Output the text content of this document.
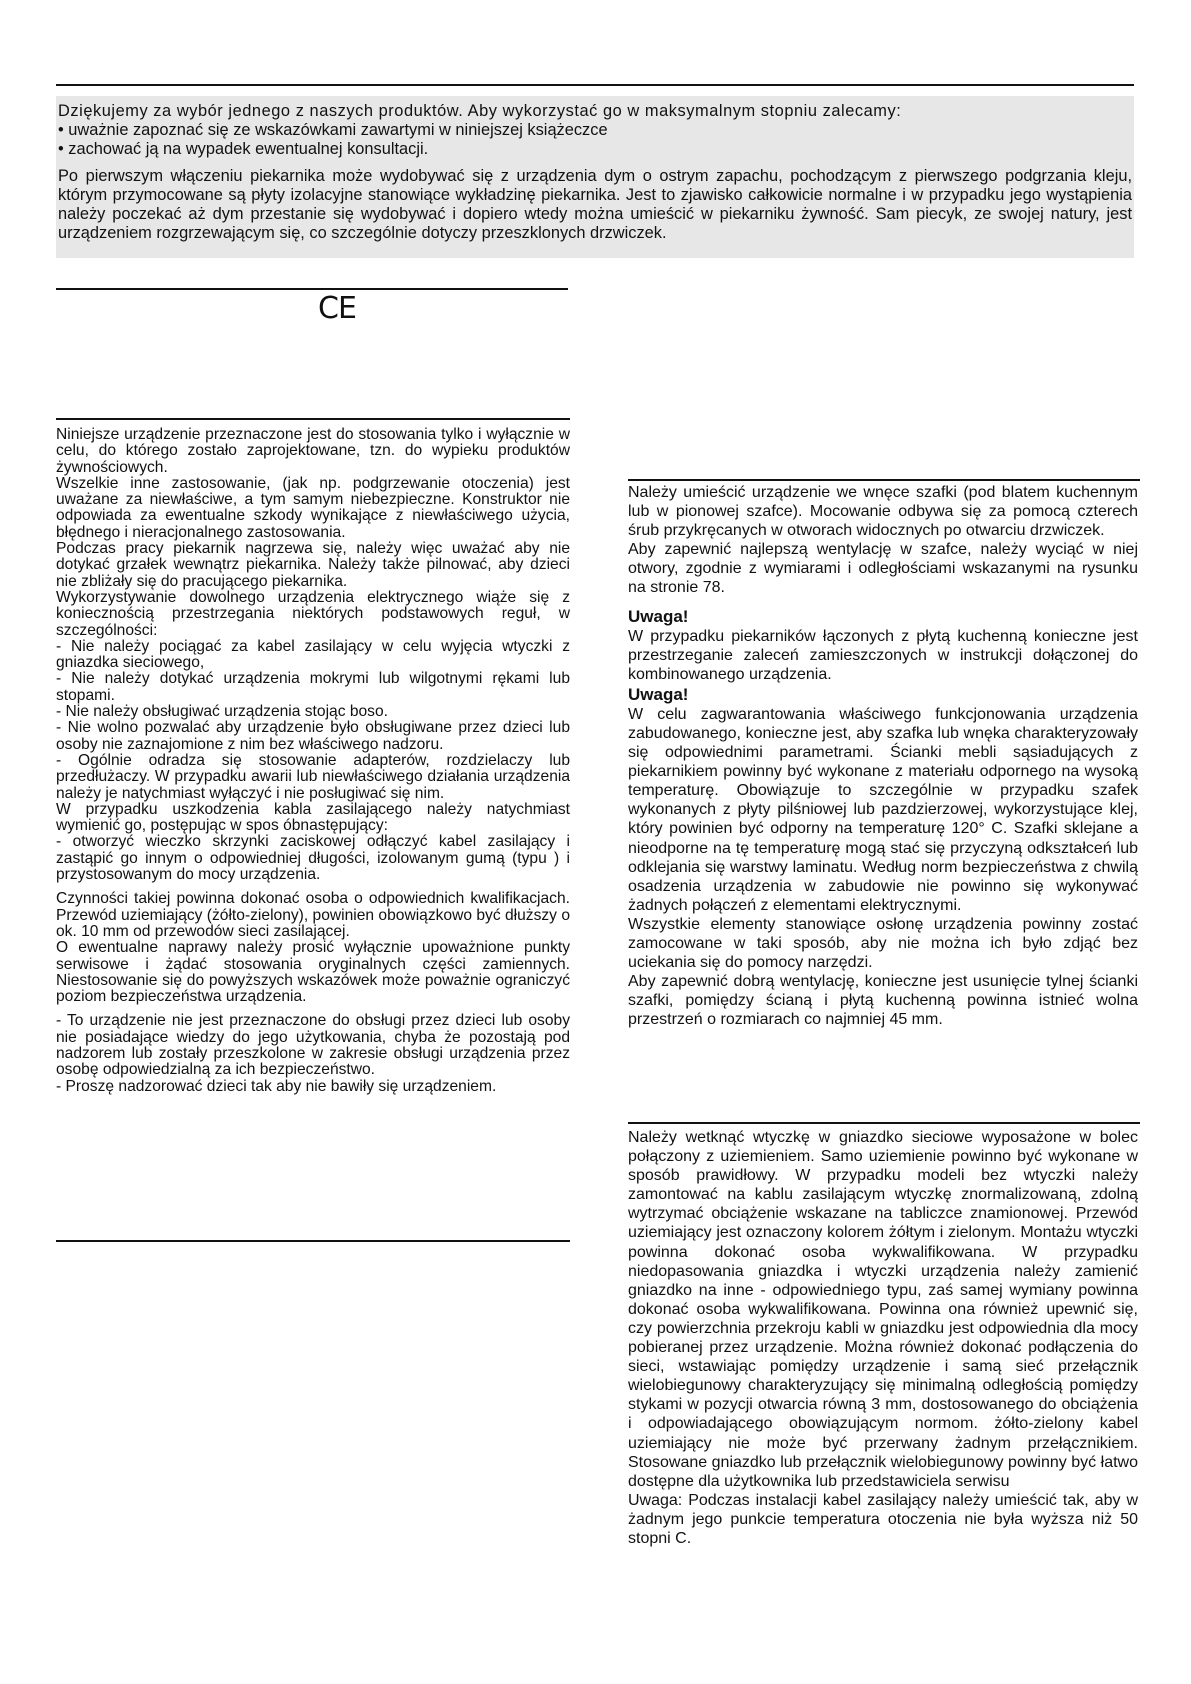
Dziękujemy za wybór jednego z naszych produktów. Aby wykorzystać go w maksymalnym stopniu zalecamy:

• uważnie zapoznać się ze wskazówkami zawartymi w niniejszej książeczce

• zachować ją na wypadek ewentualnej konsultacji.

Po pierwszym włączeniu piekarnika może wydobywać się z urządzenia dym o ostrym zapachu, pochodzącym z pierwszego podgrzania kleju, którym przymocowane są płyty izolacyjne stanowiące wykładzinę piekarnika. Jest to zjawisko całkowicie normalne i w przypadku jego wystąpienia należy poczekać aż dym przestanie się wydobywać i dopiero wtedy można umieścić w piekarniku żywność. Sam piecyk, ze swojej natury, jest urządzeniem rozgrzewającym się, co szczególnie dotyczy przeszklonych drzwiczek.

CE

Niniejsze urządzenie przeznaczone jest do stosowania tylko i wyłącznie w celu, do którego zostało zaprojektowane, tzn. do wypieku produktów żywnościowych.

Wszelkie inne zastosowanie, (jak np. podgrzewanie otoczenia) jest uważane za niewłaściwe, a tym samym niebezpieczne. Konstruktor nie odpowiada za ewentualne szkody wynikające z niewłaściwego użycia, błędnego i nieracjonalnego zastosowania.

Podczas pracy piekarnik nagrzewa się, należy więc uważać aby nie dotykać grzałek wewnątrz piekarnika. Należy także pilnować, aby dzieci nie zbliżały się do pracującego piekarnika.

Wykorzystywanie dowolnego urządzenia elektrycznego wiąże się z koniecznością przestrzegania niektórych podstawowych reguł, w szczególności:

- Nie należy pociągać za kabel zasilający w celu wyjęcia wtyczki z gniazdka sieciowego,

- Nie należy dotykać urządzenia mokrymi lub wilgotnymi rękami lub stopami.

- Nie należy obsługiwać urządzenia stojąc boso.

- Nie wolno pozwalać aby urządzenie było obsługiwane przez dzieci lub osoby nie zaznajomione z nim bez właściwego nadzoru.

- Ogólnie odradza się stosowanie adapterów, rozdzielaczy lub przedłużaczy. W przypadku awarii lub niewłaściwego działania urządzenia należy je natychmiast wyłączyć i nie posługiwać się nim.

W przypadku uszkodzenia kabla zasilającego należy natychmiast wymienić go, postępując w spos óbnastępujący:

- otworzyć wieczko skrzynki zaciskowej odłączyć kabel zasilający i zastąpić go innym o odpowiedniej długości, izolowanym gumą (typu ) i przystosowanym do mocy urządzenia.

Czynności takiej powinna dokonać osoba o odpowiednich kwalifikacjach. Przewód uziemiający (żółto-zielony), powinien obowiązkowo być dłuższy o ok. 10 mm od przewodów sieci zasilającej.

O ewentualne naprawy należy prosić wyłącznie upoważnione punkty serwisowe i żądać stosowania oryginalnych części zamiennych. Niestosowanie się do powyższych wskazówek może poważnie ograniczyć poziom bezpieczeństwa urządzenia.

- To urządzenie nie jest przeznaczone do obsługi przez dzieci lub osoby nie posiadające wiedzy do jego użytkowania, chyba że pozostają pod nadzorem lub zostały przeszkolone w zakresie obsługi urządzenia przez osobę odpowiedzialną za ich bezpieczeństwo.

- Proszę nadzorować dzieci tak aby nie bawiły się urządzeniem.

Należy umieścić urządzenie we wnęce szafki (pod blatem kuchennym lub w pionowej szafce). Mocowanie odbywa się za pomocą czterech śrub przykręcanych w otworach widocznych po otwarciu drzwiczek.

Aby zapewnić najlepszą wentylację w szafce, należy wyciąć w niej otwory, zgodnie z wymiarami i odległościami wskazanymi na rysunku na stronie 78.

Uwaga!

W przypadku piekarników łączonych z płytą kuchenną konieczne jest przestrzeganie zaleceń zamieszczonych w instrukcji dołączonej do kombinowanego urządzenia.

Uwaga!

W celu zagwarantowania właściwego funkcjonowania urządzenia zabudowanego, konieczne jest, aby szafka lub wnęka charakteryzowały się odpowiednimi parametrami. Ścianki mebli sąsiadujących z piekarnikiem powinny być wykonane z materiału odpornego na wysoką temperaturę. Obowiązuje to szczególnie w przypadku szafek wykonanych z płyty pilśniowej lub pazdzierzowej, wykorzystujące klej, który powinien być odporny na temperaturę 120° C. Szafki sklejane a nieodporne na tę temperaturę mogą stać się przyczyną odkształceń lub odklejania się warstwy laminatu. Według norm bezpieczeństwa z chwilą osadzenia urządzenia w zabudowie nie powinno się wykonywać żadnych połączeń z elementami elektrycznymi.

Wszystkie elementy stanowiące osłonę urządzenia powinny zostać zamocowane w taki sposób, aby nie można ich było zdjąć bez uciekania się do pomocy narzędzi.

Aby zapewnić dobrą wentylację, konieczne jest usunięcie tylnej ścianki szafki, pomiędzy ścianą i płytą kuchenną powinna istnieć wolna przestrzeń o rozmiarach co najmniej 45 mm.

Należy wetknąć wtyczkę w gniazdko sieciowe wyposażone w bolec połączony z uziemieniem. Samo uziemienie powinno być wykonane w sposób prawidłowy. W przypadku modeli bez wtyczki należy zamontować na kablu zasilającym wtyczkę znormalizowaną, zdolną wytrzymać obciążenie wskazane na tabliczce znamionowej. Przewód uziemiający jest oznaczony kolorem żółtym i zielonym. Montażu wtyczki powinna dokonać osoba wykwalifikowana. W przypadku niedopasowania gniazdka i wtyczki urządzenia należy zamienić gniazdko na inne - odpowiedniego typu, zaś samej wymiany powinna dokonać osoba wykwalifikowana. Powinna ona również upewnić się, czy powierzchnia przekroju kabli w gniazdku jest odpowiednia dla mocy pobieranej przez urządzenie. Można również dokonać podłączenia do sieci, wstawiając pomiędzy urządzenie i samą sieć przełącznik wielobiegunowy charakteryzujący się minimalną odległością pomiędzy stykami w pozycji otwarcia równą 3 mm, dostosowanego do obciążenia i odpowiadającego obowiązującym normom. żółto-zielony kabel uziemiający nie może być przerwany żadnym przełącznikiem. Stosowane gniazdko lub przełącznik wielobiegunowy powinny być łatwo dostępne dla użytkownika lub przedstawiciela serwisu

Uwaga: Podczas instalacji kabel zasilający należy umieścić tak, aby w żadnym jego punkcie temperatura otoczenia nie była wyższa niż 50 stopni C.
